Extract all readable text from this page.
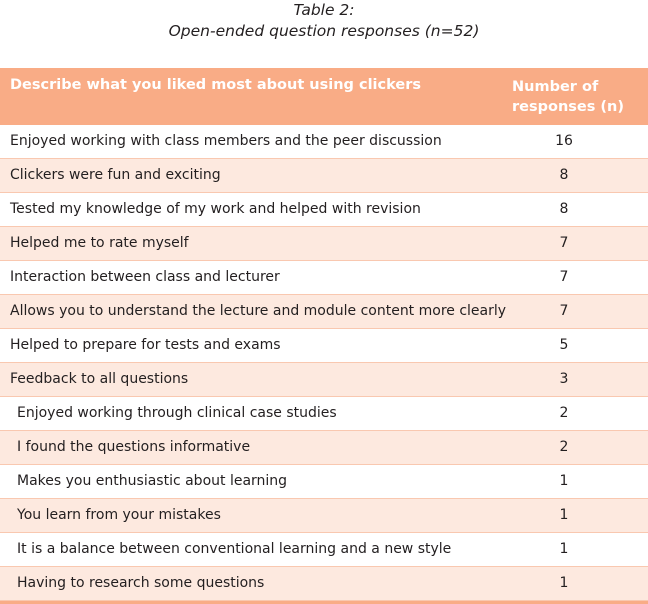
Table 2:
Open-ended question responses (n=52)
Describe what you liked most about using clickers	Number of
responses (n)
Enjoyed working with class members and the peer discussion	16
Clickers were fun and exciting	8
Tested my knowledge of my work and helped with revision	8
Helped me to rate myself	7
Interaction between class and lecturer	7
Allows you to understand the lecture and module content more clearly	7
Helped to prepare for tests and exams	5
Feedback to all questions	3
Enjoyed working through clinical case studies	2
I found the questions informative	2
Makes you enthusiastic about learning	1
You learn from your mistakes	1
It is a balance between conventional learning and a new style	1
Having to research some questions	1
